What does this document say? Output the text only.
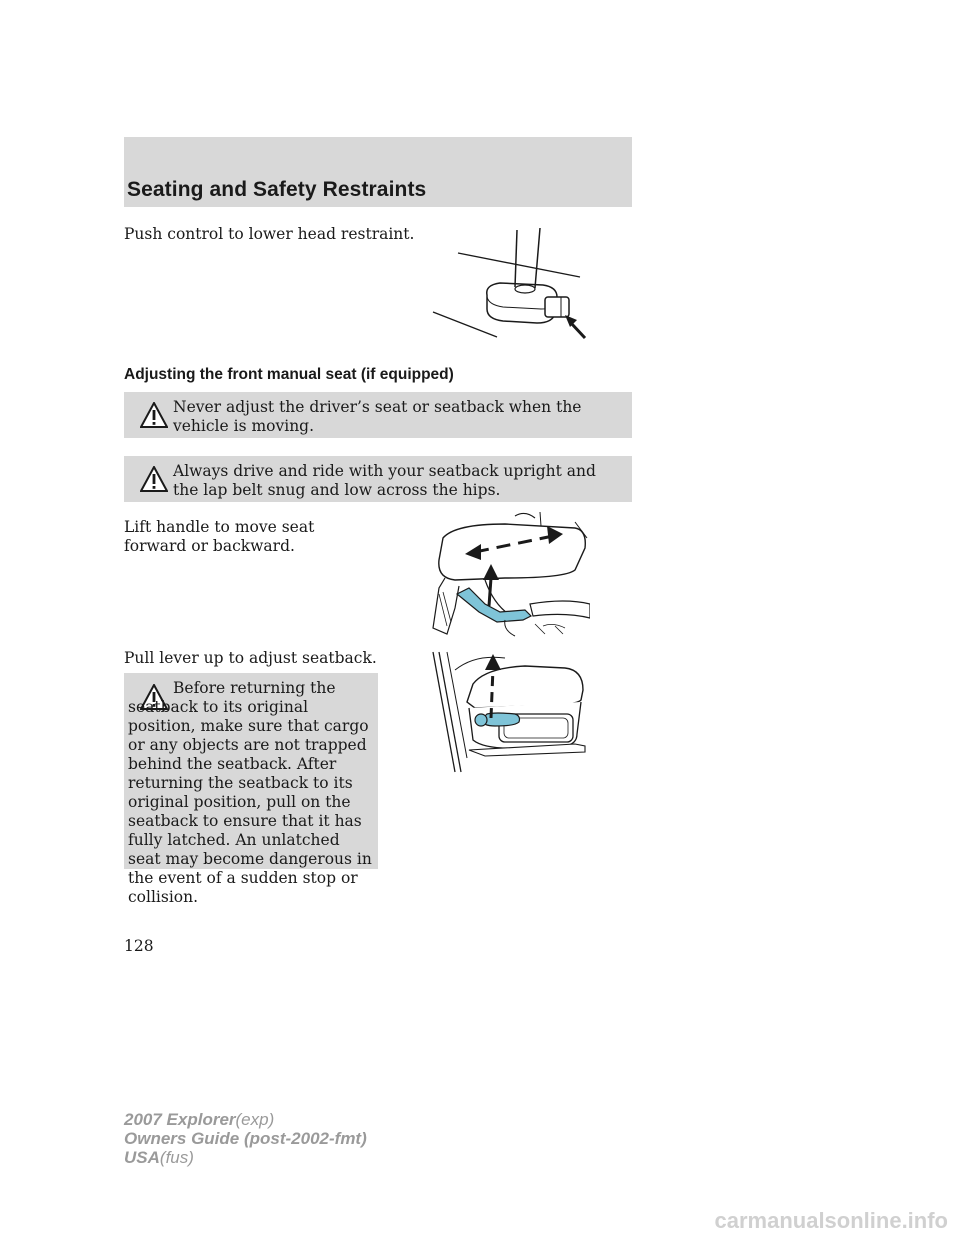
Seating and Safety Restraints
Push control to lower head restraint.
Adjusting the front manual seat (if equipped)
Never adjust the driver’s seat or seatback when the vehicle is moving.
Always drive and ride with your seatback upright and the lap belt snug and low across the hips.
Lift handle to move seat forward or backward.
Pull lever up to adjust seatback.
Before returning the seatback to its original position, make sure that cargo or any objects are not trapped behind the seatback. After returning the seatback to its original position, pull on the seatback to ensure that it has fully latched. An unlatched seat may become dangerous in the event of a sudden stop or collision.
128
2007 Explorer(exp)
Owners Guide (post-2002-fmt)
USA(fus)
carmanualsonline.info
